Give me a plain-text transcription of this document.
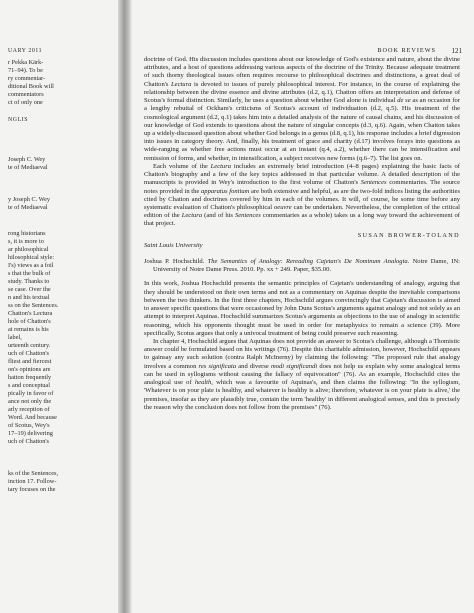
UARY 2011
r Pekka Kärk-
71–94). To be
ry commentar-
ditional Book will
commentators
ct of only one
NGLIS
Joseph C. Wey
te of Mediaeval
y Joseph C. Wey
te of Mediaeval
rong historians
s, it is more to
ar philosophical
hilosophical style:
I's) views as a foil
s that the bulk of
study. Thanks to
se case. Over the
n and his textual
ss on the Sentences.
Chatton's Lectura
hole of Chatton's
at remains is his
label,
urteenth century.
uch of Chatton's
fliest and fiercest
on's opinions are
hatton frequently
s and conceptual
pically in favor of
ance not only the
arly reception of
Word. And because
of Scotus, Wey's
17–19) delivering
uch of Chatton's
ks of the Sentences,
inction 17. Follow-
tary focuses on the
BOOK REVIEWS 121

doctrine of God. His discussion includes questions about our knowledge of God's existence and nature, about the divine attributes, and a host of questions addressing various aspects of the doctrine of the Trinity. Because adequate treatment of such thorny theological issues often requires recourse to philosophical doctrines and distinctions, a great deal of Chatton's Lectura is devoted to issues of purely philosophical interest. For instance, in the course of explaining the relationship between the divine essence and divine attributes (d.2, q.1), Chatton offers an interpretation and defense of Scotus's formal distinction. Similarly, he uses a question about whether God alone is individual de se as an occasion for a lengthy rebuttal of Ockham's criticisms of Scotus's account of individuation (d.2, q.5). His treatment of the cosmological argument (d.2, q.1) takes him into a detailed analysis of the nature of causal chains, and his discussion of our knowledge of God extends to questions about the nature of singular concepts (d.3, q.6). Again, when Chatton takes up a widely-discussed question about whether God belongs in a genus (d.8, q.1), his response includes a brief digression into issues in category theory. And, finally, his treatment of grace and charity (d.17) involves forays into questions as wide-ranging as whether free actions must occur at an instant (q.4, a.2), whether there can be intensification and remission of forms, and whether, in intensification, a subject receives new forms (q.6–7). The list goes on.

Each volume of the Lectura includes an extremely brief introduction (4–8 pages) explaining the basic facts of Chatton's biography and a few of the key topics addressed in that particular volume. A detailed description of the manuscripts is provided in Wey's introduction to the first volume of Chatton's Sentences commentaries. The source notes provided in the apparatus fontium are both extensive and helpful, as are the two-fold indices listing the authorities cited by Chatton and doctrines covered by him in each of the volumes. It will, of course, be some time before any systematic evaluation of Chatton's philosophical oeuvre can be undertaken. Nevertheless, the completion of the critical edition of the Lectura (and of his Sentences commentaries as a whole) takes us a long way toward the achievement of that project.

SUSAN BROWER-TOLAND
Saint Louis University
Joshua P. Hochschild. The Semantics of Analogy: Rereading Cajetan's De Nominum Analogia. Notre Dame, IN: University of Notre Dame Press. 2010. Pp. xx + 249. Paper, $35.00.

In this work, Joshua Hochschild presents the semantic principles of Cajetan's understanding of analogy, arguing that they should be understood on their own terms and not as a commentary on Aquinas despite the inevitable comparisons between the two thinkers. In the first three chapters, Hochschild argues convincingly that Cajetan's discussion is aimed to answer specific questions that were occasioned by John Duns Scotus's arguments against analogy and not solely as an attempt to interpret Aquinas. Hochschild summarizes Scotus's arguments as objections to the use of analogy in scientific reasoning, which his opponents thought must be used in order for metaphysics to remain a science (39). More specifically, Scotus argues that only a univocal treatment of being could preserve such reasoning.

In chapter 4, Hochschild argues that Aquinas does not provide an answer to Scotus's challenge, although a Thomistic answer could be formulated based on his writings (76). Despite this charitable admission, however, Hochschild appears to gainsay any such solution (contra Ralph McInerny) by claiming the following: "The proposed rule that analogy involves a common res significata and diverse modi significandi does not help us explain why some analogical terms can be used in syllogisms without causing the fallacy of equivocation" (76). As an example, Hochschild cites the analogical use of health, which was a favourite of Aquinas's, and then claims the following: "In the syllogism, 'Whatever is on your plate is healthy, and whatever is healthy is alive; therefore, whatever is on your plate is alive,' the premises, insofar as they are plausibly true, contain the term 'healthy' in different analogical senses, and this is precisely the reason why the conclusion does not follow from the premises" (76).
